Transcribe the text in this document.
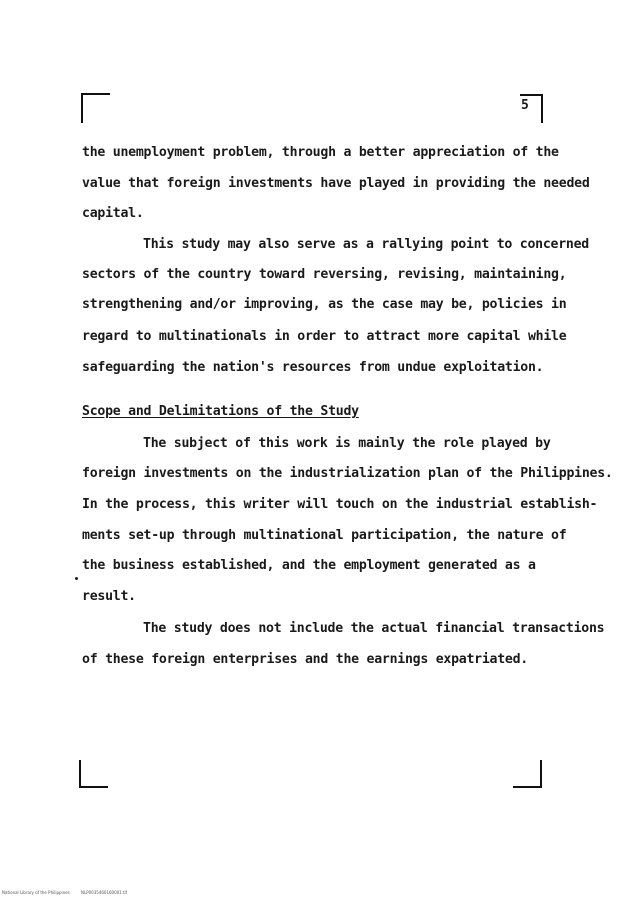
5
the unemployment problem, through a better appreciation of the
value that foreign investments have played in providing the needed
capital.
This study may also serve as a rallying point to concerned
sectors of the country toward reversing, revising, maintaining,
strengthening and/or improving, as the case may be, policies in
regard to multinationals in order to attract more capital while
safeguarding the nation's resources from undue exploitation.
Scope and Delimitations of the Study
The subject of this work is mainly the role played by
foreign investments on the industrialization plan of the Philippines.
In the process, this writer will touch on the industrial establish-
ments set-up through multinational participation, the nature of
the business established, and the employment generated as a
result.
The study does not include the actual financial transactions
of these foreign enterprises and the earnings expatriated.
National Library of the Philippines	NLP0035460160001.tif
